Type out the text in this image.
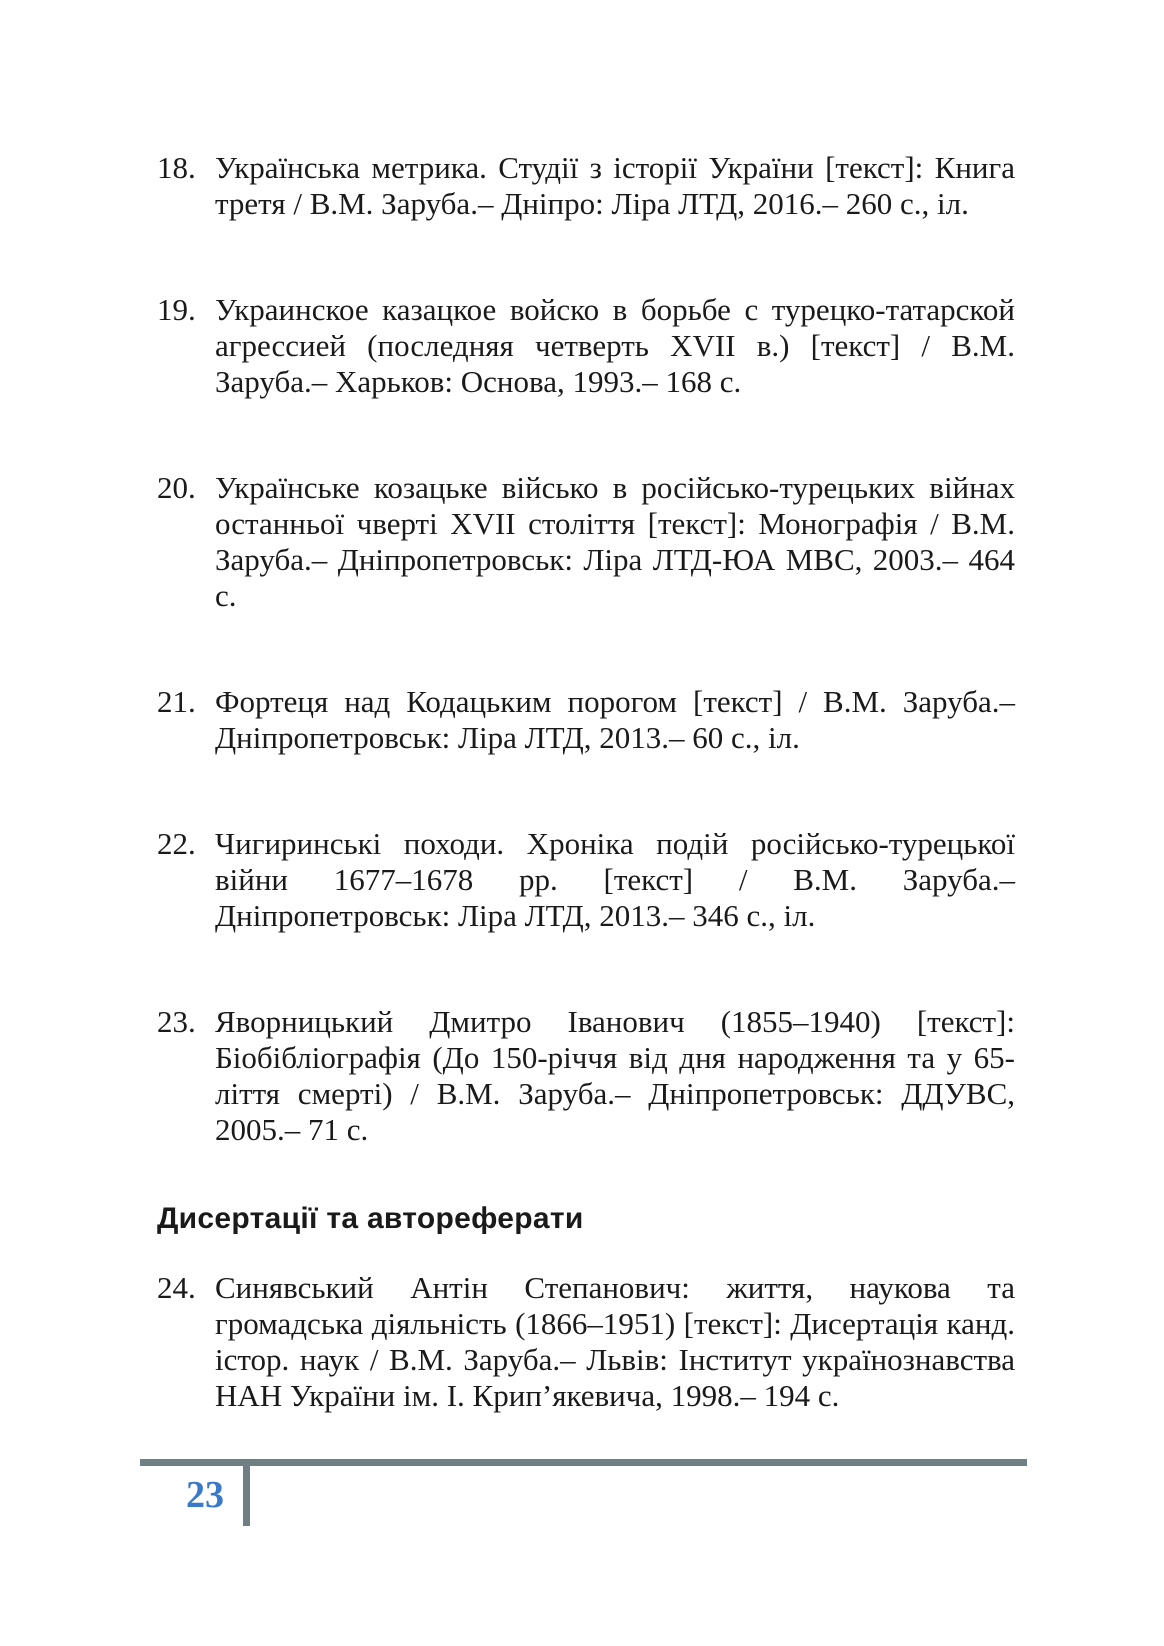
18. Українська метрика. Студії з історії України [текст]: Книга третя / В.М. Заруба.– Дніпро: Ліра ЛТД, 2016.– 260 с., іл.
19. Украинское казацкое войско в борьбе с турецко-татарской агрессией (последняя четверть XVII в.) [текст] / В.М. Заруба.– Харьков: Основа, 1993.– 168 с.
20. Українське козацьке військо в російсько-турецьких війнах останньої чверті XVII століття [текст]: Монографія / В.М. Заруба.– Дніпропетровськ: Ліра ЛТД-ЮА МВС, 2003.– 464 с.
21. Фортеця над Кодацьким порогом [текст] / В.М. Заруба.– Дніпропетровськ: Ліра ЛТД, 2013.– 60 с., іл.
22. Чигиринські походи. Хроніка подій російсько-турецької війни 1677–1678 рр. [текст] / В.М. Заруба.– Дніпропетровськ: Ліра ЛТД, 2013.– 346 с., іл.
23. Яворницький Дмитро Іванович (1855–1940) [текст]: Біобібліографія (До 150-річчя від дня народження та у 65-ліття смерті) / В.М. Заруба.– Дніпропетровськ: ДДУВС, 2005.– 71 с.
Дисертації та автореферати
24. Синявський Антін Степанович: життя, наукова та громадська діяльність (1866–1951) [текст]: Дисертація канд. істор. наук / В.М. Заруба.– Львів: Інститут українознавства НАН України ім. І. Крип’якевича, 1998.– 194 с.
23
